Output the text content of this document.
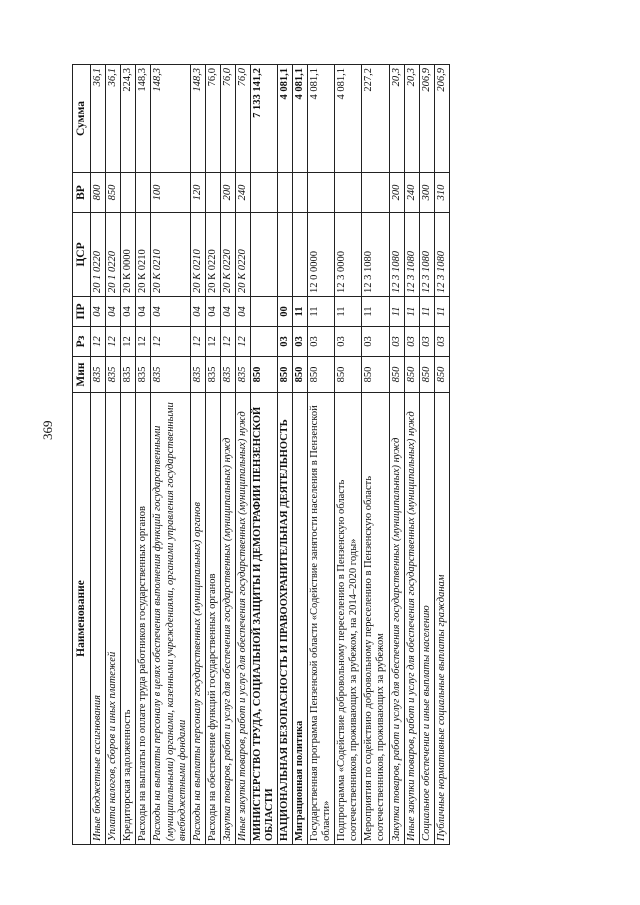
369
Наименование	Мин	Рз	ПР	ЦСР	ВР	Сумма
Иные бюджетные ассигнования	835	12	04	20 1 0220	800	36,1
Уплата налогов, сборов и иных платежей	835	12	04	20 1 0220	850	36,1
Кредиторская задолженность	835	12	04	20 К 0000		224,3
Расходы на выплаты по оплате труда работников государственных органов	835	12	04	20 К 0210		148,3
Расходы на выплаты персоналу в целях обеспечения выполнения функций государственными (муниципальными) органами, казенными учреждениями, органами управления государственными внебюджетными фондами	835	12	04	20 К 0210	100	148,3
Расходы на выплаты персоналу государственных (муниципальных) органов	835	12	04	20 К 0210	120	148,3
Расходы на обеспечение функций государственных органов	835	12	04	20 К 0220		76,0
Закупка товаров, работ и услуг для обеспечения государственных (муниципальных) нужд	835	12	04	20 К 0220	200	76,0
Иные закупки товаров, работ и услуг для обеспечения государственных (муниципальных) нужд	835	12	04	20 К 0220	240	76,0
МИНИСТЕРСТВО ТРУДА, СОЦИАЛЬНОЙ ЗАЩИТЫ И ДЕМОГРАФИИ ПЕНЗЕНСКОЙ ОБЛАСТИ	850					7 133 141,2
НАЦИОНАЛЬНАЯ БЕЗОПАСНОСТЬ И ПРАВООХРАНИТЕЛЬНАЯ ДЕЯТЕЛЬНОСТЬ	850	03	00			4 081,1
Миграционная политика	850	03	11			4 081,1
Государственная программа Пензенской области «Содействие занятости населения в Пензенской области»	850	03	11	12 0 0000		4 081,1
Подпрограмма «Содействие добровольному переселению в Пензенскую область соотечественников, проживающих за рубежом, на 2014–2020 годы»	850	03	11	12 3 0000		4 081,1
Мероприятия по содействию добровольному переселению в Пензенскую область соотечественников, проживающих за рубежом	850	03	11	12 3 1080		227,2
Закупка товаров, работ и услуг для обеспечения государственных (муниципальных) нужд	850	03	11	12 3 1080	200	20,3
Иные закупки товаров, работ и услуг для обеспечения государственных (муниципальных) нужд	850	03	11	12 3 1080	240	20,3
Социальное обеспечение и иные выплаты населению	850	03	11	12 3 1080	300	206,9
Публичные нормативные социальные выплаты гражданам	850	03	11	12 3 1080	310	206,9
